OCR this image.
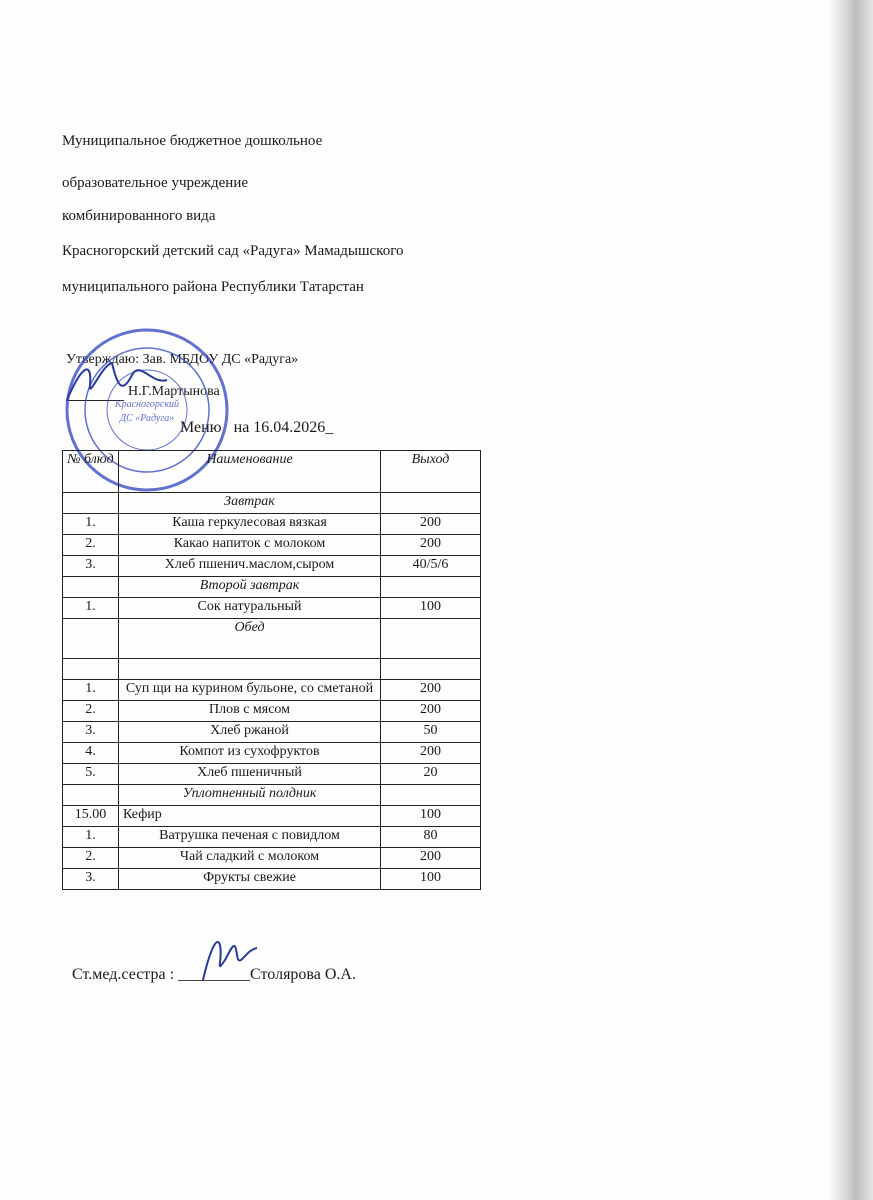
Муниципальное бюджетное дошкольное
образовательное учреждение
комбинированного вида
Красногорский детский сад «Радуга» Мамадышского
муниципального района Республики Татарстан
Утверждаю: Зав. МБДОУ ДС «Радуга»
Н.Г.Мартынова
Красногорский
ДС «Радуга»
Меню   на 16.04.2026_
№ блюд	Наименование	Выход
	Завтрак	
1.	Каша геркулесовая вязкая	200
2.	Какао напиток с молоком	200
3.	Хлеб пшенич.маслом,сыром	40/5/6
	Второй завтрак	
1.	Сок натуральный	100
	Обед	

1.	Суп щи на курином бульоне, со сметаной	200
2.	Плов с мясом	200
3.	Хлеб ржаной	50
4.	Компот из сухофруктов	200
5.	Хлеб пшеничный	20
	Уплотненный полдник	
15.00	Кефир	100
1.	Ватрушка печеная с повидлом	80
2.	Чай сладкий с молоком	200
3.	Фрукты свежие	100
Ст.мед.сестра : _________Столярова О.А.
